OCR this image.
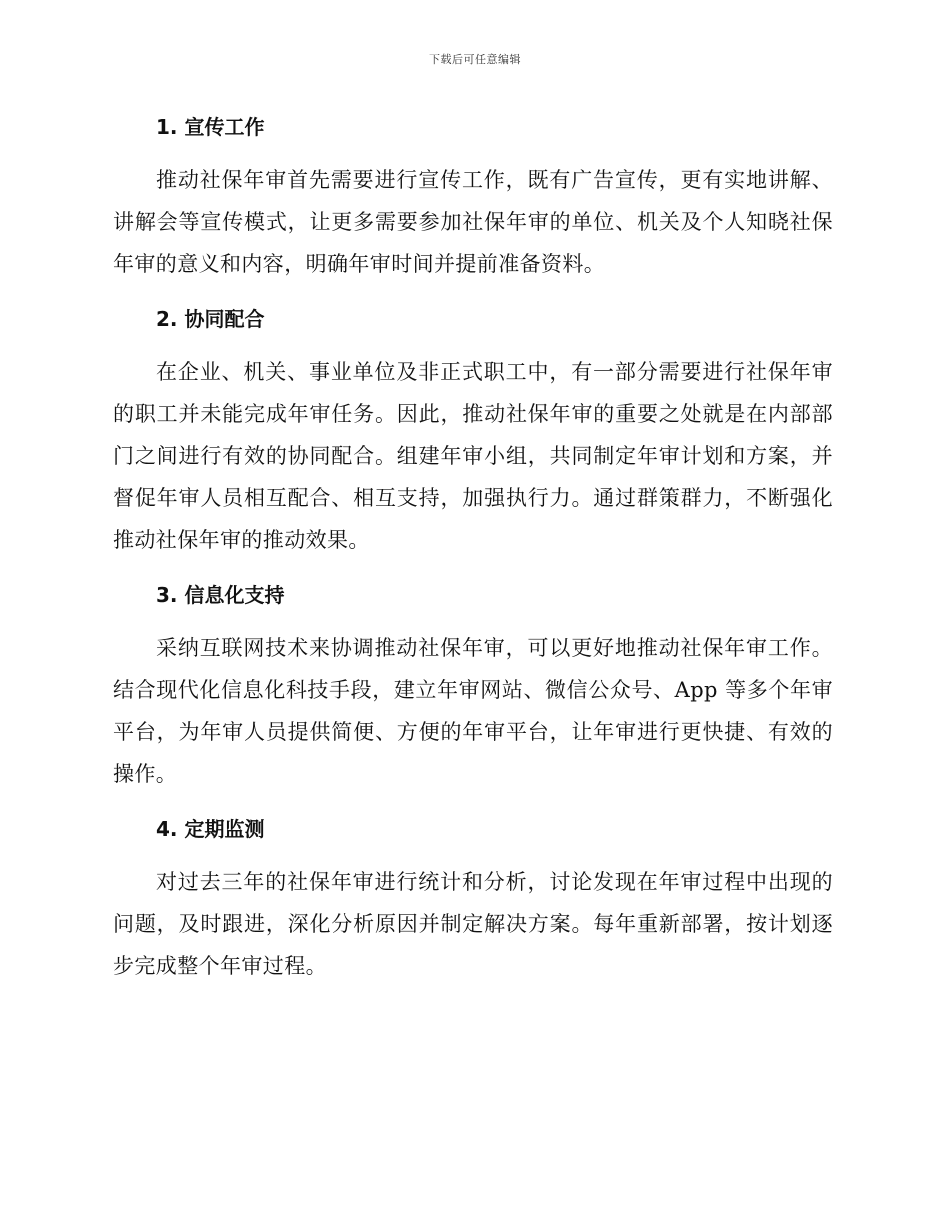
下载后可任意编辑
1. 宣传工作

推动社保年审首先需要进行宣传工作，既有广告宣传，更有实地讲解、讲解会等宣传模式，让更多需要参加社保年审的单位、机关及个人知晓社保年审的意义和内容，明确年审时间并提前准备资料。

2. 协同配合

在企业、机关、事业单位及非正式职工中，有一部分需要进行社保年审的职工并未能完成年审任务。因此，推动社保年审的重要之处就是在内部部门之间进行有效的协同配合。组建年审小组，共同制定年审计划和方案，并督促年审人员相互配合、相互支持，加强执行力。通过群策群力，不断强化推动社保年审的推动效果。

3. 信息化支持

采纳互联网技术来协调推动社保年审，可以更好地推动社保年审工作。结合现代化信息化科技手段，建立年审网站、微信公众号、App 等多个年审平台，为年审人员提供简便、方便的年审平台，让年审进行更快捷、有效的操作。

4. 定期监测

对过去三年的社保年审进行统计和分析，讨论发现在年审过程中出现的问题，及时跟进，深化分析原因并制定解决方案。每年重新部署，按计划逐步完成整个年审过程。
